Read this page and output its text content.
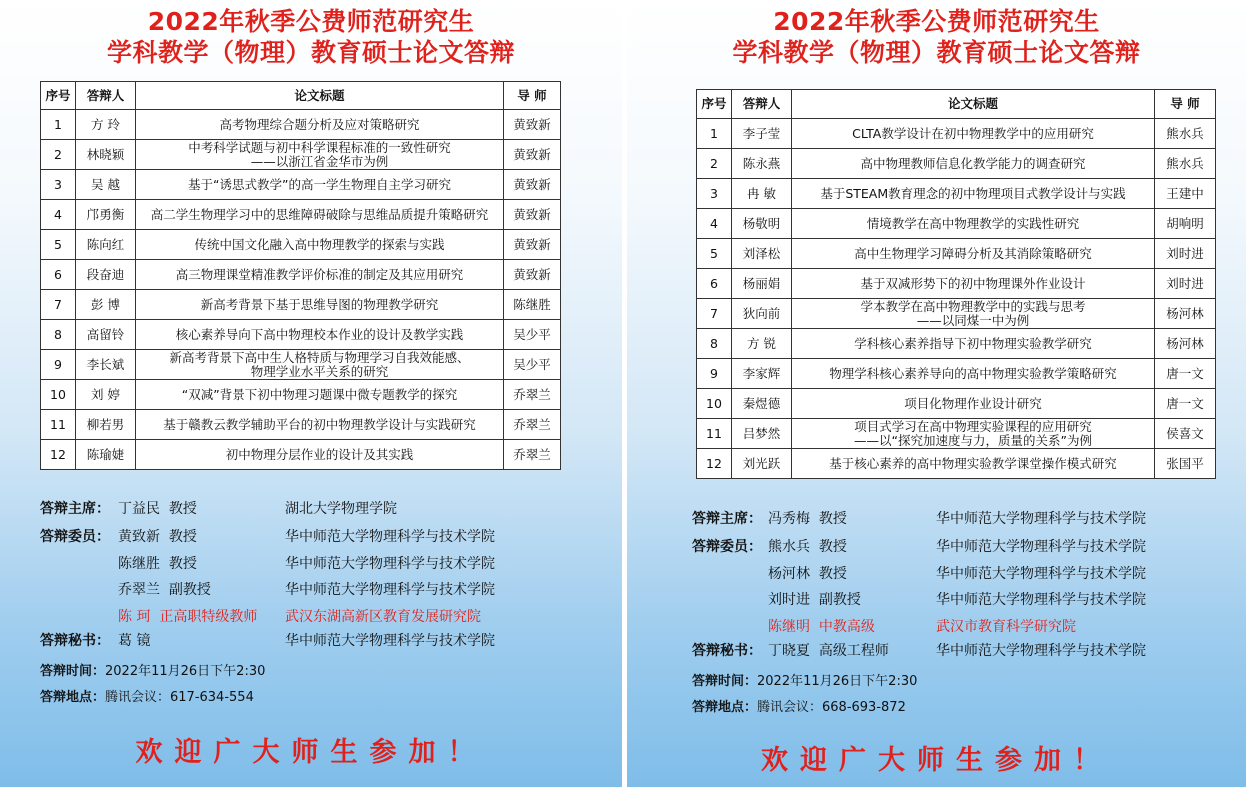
2022年秋季公费师范研究生
学科教学（物理）教育硕士论文答辩
序号	答辩人	论文标题	导 师
1	方 玲	高考物理综合题分析及应对策略研究	黄致新
2	林晓颖	中考科学试题与初中科学课程标准的一致性研究
——以浙江省金华市为例	黄致新
3	吴 越	基于“诱思式教学”的高一学生物理自主学习研究	黄致新
4	邝勇衡	高二学生物理学习中的思维障碍破除与思维品质提升策略研究	黄致新
5	陈向红	传统中国文化融入高中物理教学的探索与实践	黄致新
6	段奋迪	高三物理课堂精准教学评价标准的制定及其应用研究	黄致新
7	彭 博	新高考背景下基于思维导图的物理教学研究	陈继胜
8	高留铃	核心素养导向下高中物理校本作业的设计及教学实践	吴少平
9	李长斌	新高考背景下高中生人格特质与物理学习自我效能感、
物理学业水平关系的研究	吴少平
10	刘 婷	“双减”背景下初中物理习题课中微专题教学的探究	乔翠兰
11	柳若男	基于赣教云教学辅助平台的初中物理教学设计与实践研究	乔翠兰
12	陈瑜婕	初中物理分层作业的设计及其实践	乔翠兰
答辩主席： 丁益民 教授	湖北大学物理学院
答辩委员： 黄致新 教授	华中师范大学物理科学与技术学院
陈继胜 教授	华中师范大学物理科学与技术学院
乔翠兰 副教授	华中师范大学物理科学与技术学院
陈 珂 正高职特级教师 武汉东湖高新区教育发展研究院
答辩秘书： 葛 镜	华中师范大学物理科学与技术学院
答辩时间：2022年11月26日下午2:30
答辩地点：腾讯会议：617-634-554
欢迎广大师生参加！
2022年秋季公费师范研究生
学科教学（物理）教育硕士论文答辩
序号	答辩人	论文标题	导 师
1	李子莹	CLTA教学设计在初中物理教学中的应用研究	熊水兵
2	陈永燕	高中物理教师信息化教学能力的调查研究	熊水兵
3	冉 敏	基于STEAM教育理念的初中物理项目式教学设计与实践	王建中
4	杨敬明	情境教学在高中物理教学的实践性研究	胡响明
5	刘泽松	高中生物理学习障碍分析及其消除策略研究	刘时进
6	杨丽娟	基于双减形势下的初中物理课外作业设计	刘时进
7	狄向前	学本教学在高中物理教学中的实践与思考
——以同煤一中为例	杨河林
8	方 锐	学科核心素养指导下初中物理实验教学研究	杨河林
9	李家辉	物理学科核心素养导向的高中物理实验教学策略研究	唐一文
10	秦煜德	项目化物理作业设计研究	唐一文
11	吕梦然	项目式学习在高中物理实验课程的应用研究
——以“探究加速度与力，质量的关系”为例	侯喜文
12	刘光跃	基于核心素养的高中物理实验教学课堂操作模式研究	张国平
答辩主席： 冯秀梅 教授	华中师范大学物理科学与技术学院
答辩委员： 熊水兵 教授	华中师范大学物理科学与技术学院
杨河林 教授	华中师范大学物理科学与技术学院
刘时进 副教授	华中师范大学物理科学与技术学院
陈继明 中教高级	武汉市教育科学研究院
答辩秘书： 丁晓夏 高级工程师	华中师范大学物理科学与技术学院
答辩时间：2022年11月26日下午2:30
答辩地点：腾讯会议：668-693-872
欢迎广大师生参加！
